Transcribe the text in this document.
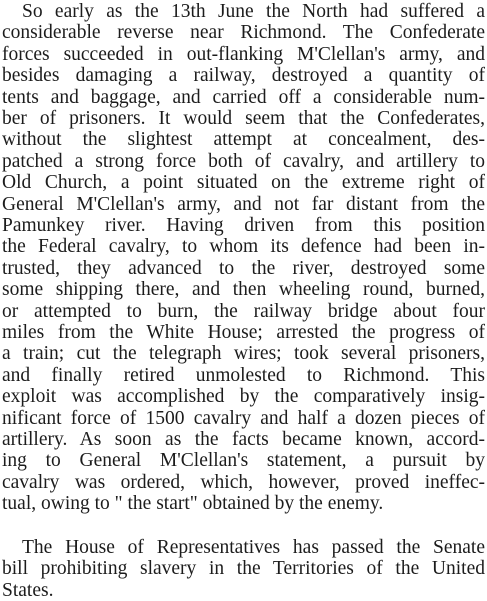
So early as the 13th June the North had suffered a
considerable reverse near Richmond. The Confederate
forces succeeded in out-flanking M'Clellan's army, and
besides damaging a railway, destroyed a quantity of
tents and baggage, and carried off a considerable num-
ber of prisoners. It would seem that the Confederates,
without the slightest attempt at concealment, des-
patched a strong force both of cavalry, and artillery to
Old Church, a point situated on the extreme right of
General M'Clellan's army, and not far distant from the
Pamunkey river. Having driven from this position
the Federal cavalry, to whom its defence had been in-
trusted, they advanced to the river, destroyed some
some shipping there, and then wheeling round, burned,
or attempted to burn, the railway bridge about four
miles from the White House; arrested the progress of
a train; cut the telegraph wires; took several prisoners,
and finally retired unmolested to Richmond. This
exploit was accomplished by the comparatively insig-
nificant force of 1500 cavalry and half a dozen pieces of
artillery. As soon as the facts became known, accord-
ing to General M'Clellan's statement, a pursuit by
cavalry was ordered, which, however, proved ineffec-
tual, owing to " the start" obtained by the enemy.
The House of Representatives has passed the Senate
bill prohibiting slavery in the Territories of the United
States.
